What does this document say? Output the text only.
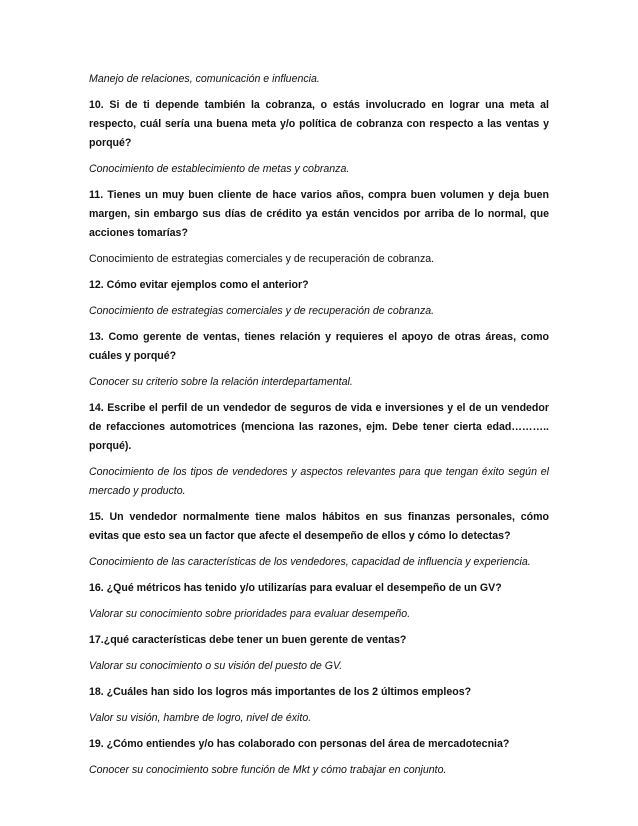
Manejo de relaciones, comunicación e influencia.

10. Si de ti depende también la cobranza, o estás involucrado en lograr una meta al respecto, cuál sería una buena meta y/o política de cobranza con respecto a las ventas y porqué?

Conocimiento de establecimiento de metas y cobranza.

11. Tienes un muy buen cliente de hace varios años, compra buen volumen y deja buen margen, sin embargo sus días de crédito ya están vencidos por arriba de lo normal, que acciones tomarías?

Conocimiento de estrategias comerciales y de recuperación de cobranza.

12. Cómo evitar ejemplos como el anterior?

Conocimiento de estrategias comerciales y de recuperación de cobranza.

13. Como gerente de ventas, tienes relación y requieres el apoyo de otras áreas, como cuáles y porqué?

Conocer su criterio sobre la relación interdepartamental.

14. Escribe el perfil de un vendedor de seguros de vida e inversiones y el de un vendedor de refacciones automotrices (menciona las razones, ejm. Debe tener cierta edad……….. porqué).

Conocimiento de los tipos de vendedores y aspectos relevantes para que tengan éxito según el mercado y producto.

15. Un vendedor normalmente tiene malos hábitos en sus finanzas personales, cómo evitas que esto sea un factor que afecte el desempeño de ellos y cómo lo detectas?

Conocimiento de las características de los vendedores, capacidad de influencia y experiencia.

16. ¿Qué métricos has tenido y/o utilizarías para evaluar el desempeño de un GV?

Valorar su conocimiento sobre prioridades para evaluar desempeño.

17.¿qué características debe tener un buen gerente de ventas?

Valorar su conocimiento o su visión del puesto de GV.

18. ¿Cuáles han sido los logros más importantes de los 2 últimos empleos?

Valor su visión, hambre de logro, nivel de éxito.

19. ¿Cómo entiendes y/o has colaborado con personas del área de mercadotecnia?

Conocer su conocimiento sobre función de Mkt y cómo trabajar en conjunto.
